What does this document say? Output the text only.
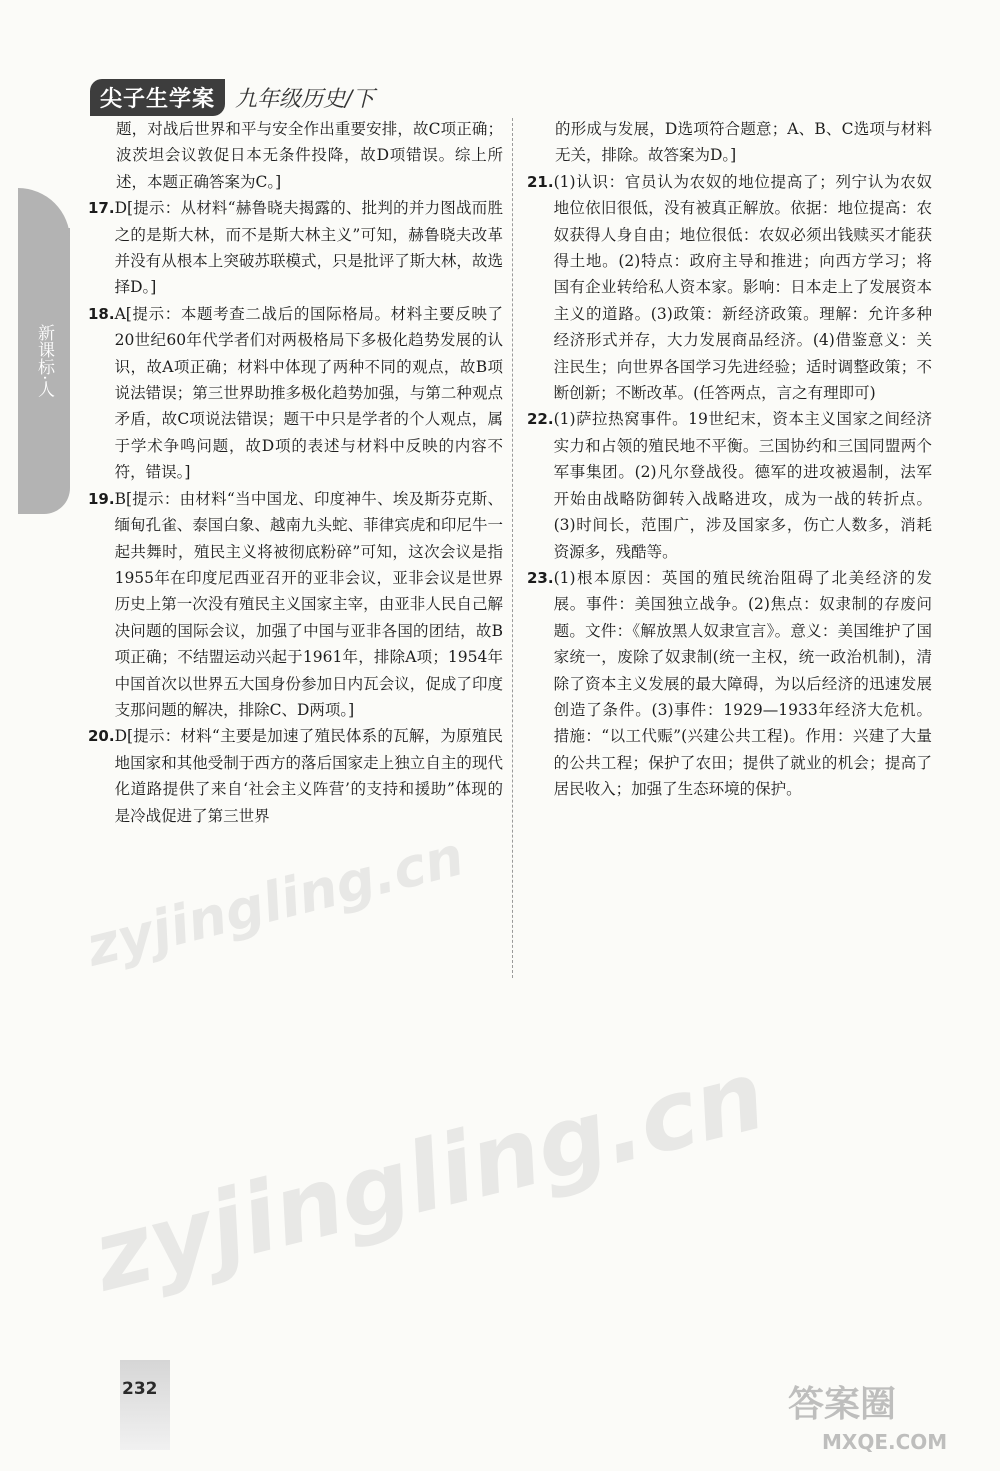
尖子生学案 九年级历史/下
新课标·人
题，对战后世界和平与安全作出重要安排，故C项正确；波茨坦会议敦促日本无条件投降，故D项错误。综上所述，本题正确答案为C。]
17. D[提示：从材料“赫鲁晓夫揭露的、批判的并力图战而胜之的是斯大林，而不是斯大林主义”可知，赫鲁晓夫改革并没有从根本上突破苏联模式，只是批评了斯大林，故选择D。]
18. A[提示：本题考查二战后的国际格局。材料主要反映了20世纪60年代学者们对两极格局下多极化趋势发展的认识，故A项正确；材料中体现了两种不同的观点，故B项说法错误；第三世界助推多极化趋势加强，与第二种观点矛盾，故C项说法错误；题干中只是学者的个人观点，属于学术争鸣问题，故D项的表述与材料中反映的内容不符，错误。]
19. B[提示：由材料“当中国龙、印度神牛、埃及斯芬克斯、缅甸孔雀、泰国白象、越南九头蛇、菲律宾虎和印尼牛一起共舞时，殖民主义将被彻底粉碎”可知，这次会议是指1955年在印度尼西亚召开的亚非会议，亚非会议是世界历史上第一次没有殖民主义国家主宰，由亚非人民自己解决问题的国际会议，加强了中国与亚非各国的团结，故B项正确；不结盟运动兴起于1961年，排除A项；1954年中国首次以世界五大国身份参加日内瓦会议，促成了印度支那问题的解决，排除C、D两项。]
20. D[提示：材料“主要是加速了殖民体系的瓦解，为原殖民地国家和其他受制于西方的落后国家走上独立自主的现代化道路提供了来自‘社会主义阵营’的支持和援助”体现的是冷战促进了第三世界
的形成与发展，D选项符合题意；A、B、C选项与材料无关，排除。故答案为D。]
21. (1)认识：官员认为农奴的地位提高了；列宁认为农奴地位依旧很低，没有被真正解放。依据：地位提高：农奴获得人身自由；地位很低：农奴必须出钱赎买才能获得土地。(2)特点：政府主导和推进；向西方学习；将国有企业转给私人资本家。影响：日本走上了发展资本主义的道路。(3)政策：新经济政策。理解：允许多种经济形式并存，大力发展商品经济。(4)借鉴意义：关注民生；向世界各国学习先进经验；适时调整政策；不断创新；不断改革。(任答两点，言之有理即可)
22. (1)萨拉热窝事件。19世纪末，资本主义国家之间经济实力和占领的殖民地不平衡。三国协约和三国同盟两个军事集团。(2)凡尔登战役。德军的进攻被遏制，法军开始由战略防御转入战略进攻，成为一战的转折点。(3)时间长，范围广，涉及国家多，伤亡人数多，消耗资源多，残酷等。
23. (1)根本原因：英国的殖民统治阻碍了北美经济的发展。事件：美国独立战争。(2)焦点：奴隶制的存废问题。文件：《解放黑人奴隶宣言》。意义：美国维护了国家统一，废除了奴隶制(统一主权，统一政治机制)，清除了资本主义发展的最大障碍，为以后经济的迅速发展创造了条件。(3)事件：1929—1933年经济大危机。措施：“以工代赈”(兴建公共工程)。作用：兴建了大量的公共工程；保护了农田；提供了就业的机会；提高了居民收入；加强了生态环境的保护。
zyjingling.cn
zyjingling.cn
232	答案圈
MXQE.COM
